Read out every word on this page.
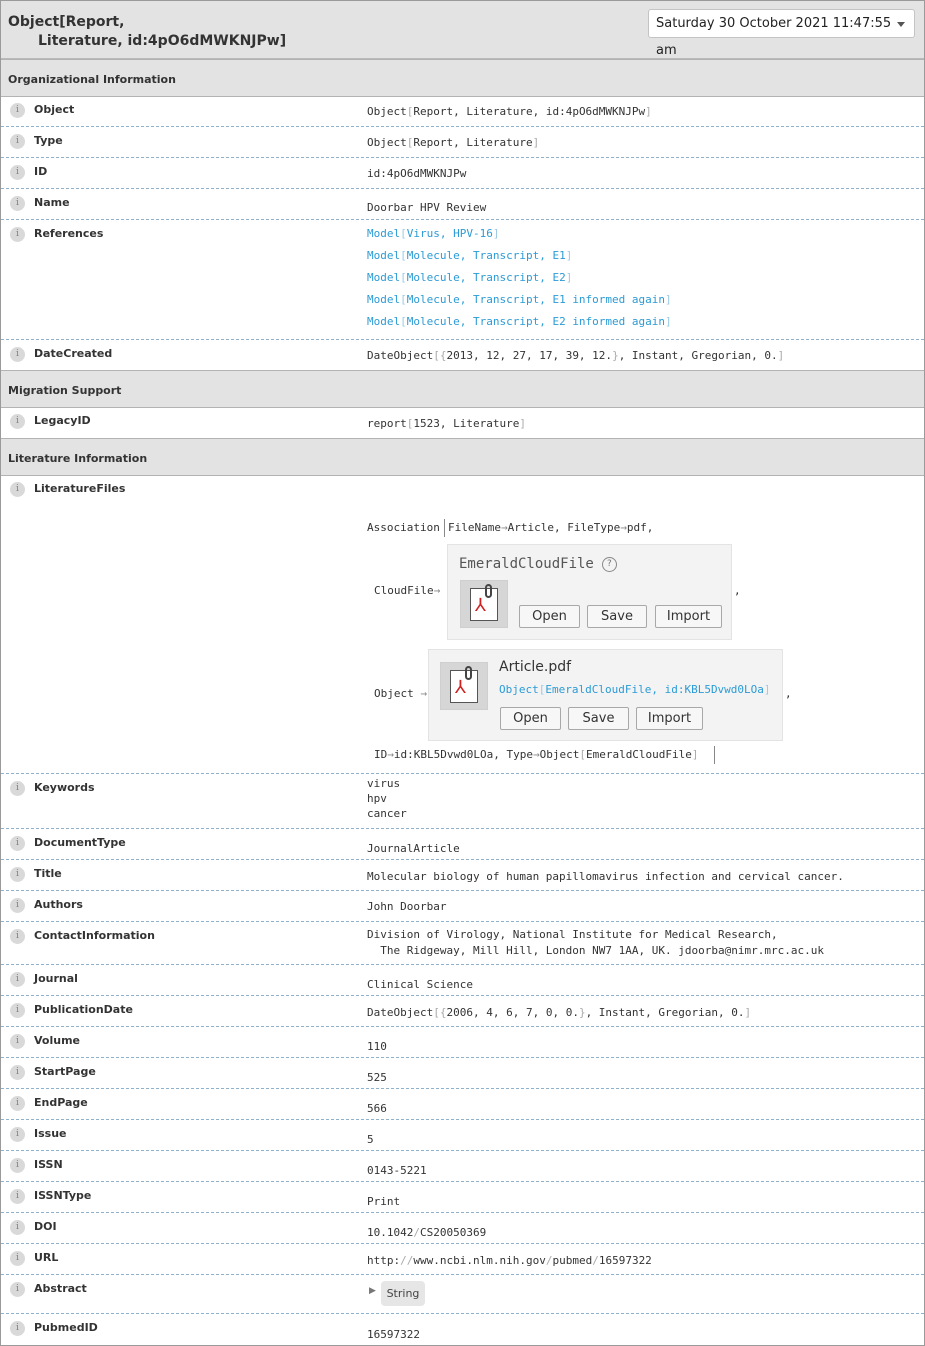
Object[Report,
Literature, id:4pO6dMWKNJPw]
Saturday 30 October 2021 11:47:55 am
Organizational Information
i	Object	Object[Report, Literature, id:4pO6dMWKNJPw]
i	Type	Object[Report, Literature]
i	ID	id:4pO6dMWKNJPw
i	Name	Doorbar HPV Review
i	References	Model[Virus, HPV-16]
Model[Molecule, Transcript, E1]
Model[Molecule, Transcript, E2]
Model[Molecule, Transcript, E1 informed again]
Model[Molecule, Transcript, E2 informed again]
i	DateCreated	DateObject[{2013, 12, 27, 17, 39, 12.}, Instant, Gregorian, 0.]
Migration Support
i	LegacyID	report[1523, Literature]
Literature Information
i	LiteratureFiles
Association FileName→Article, FileType→pdf,
CloudFile→
EmeraldCloudFile ?
⅄
Open	Save	Import
,
Object → ⅄
Article.pdf
Object[EmeraldCloudFile, id:KBL5Dvwd0LOa]
Open	Save	Import
,
ID→id:KBL5Dvwd0LOa, Type→Object[EmeraldCloudFile]
i	Keywords	virus
hpv
cancer
i	DocumentType	JournalArticle
i	Title	Molecular biology of human papillomavirus infection and cervical cancer.
i	Authors	John Doorbar
i	ContactInformation	Division of Virology, National Institute for Medical Research,
The Ridgeway, Mill Hill, London NW7 1AA, UK. jdoorba@nimr.mrc.ac.uk
i	Journal	Clinical Science
i	PublicationDate	DateObject[{2006, 4, 6, 7, 0, 0.}, Instant, Gregorian, 0.]
i	Volume	110
i	StartPage	525
i	EndPage	566
i	Issue	5
i	ISSN	0143-5221
i	ISSNType	Print
i	DOI	10.1042/CS20050369
i	URL	http://www.ncbi.nlm.nih.gov/pubmed/16597322
i	Abstract	▶ String
i	PubmedID
16597322
